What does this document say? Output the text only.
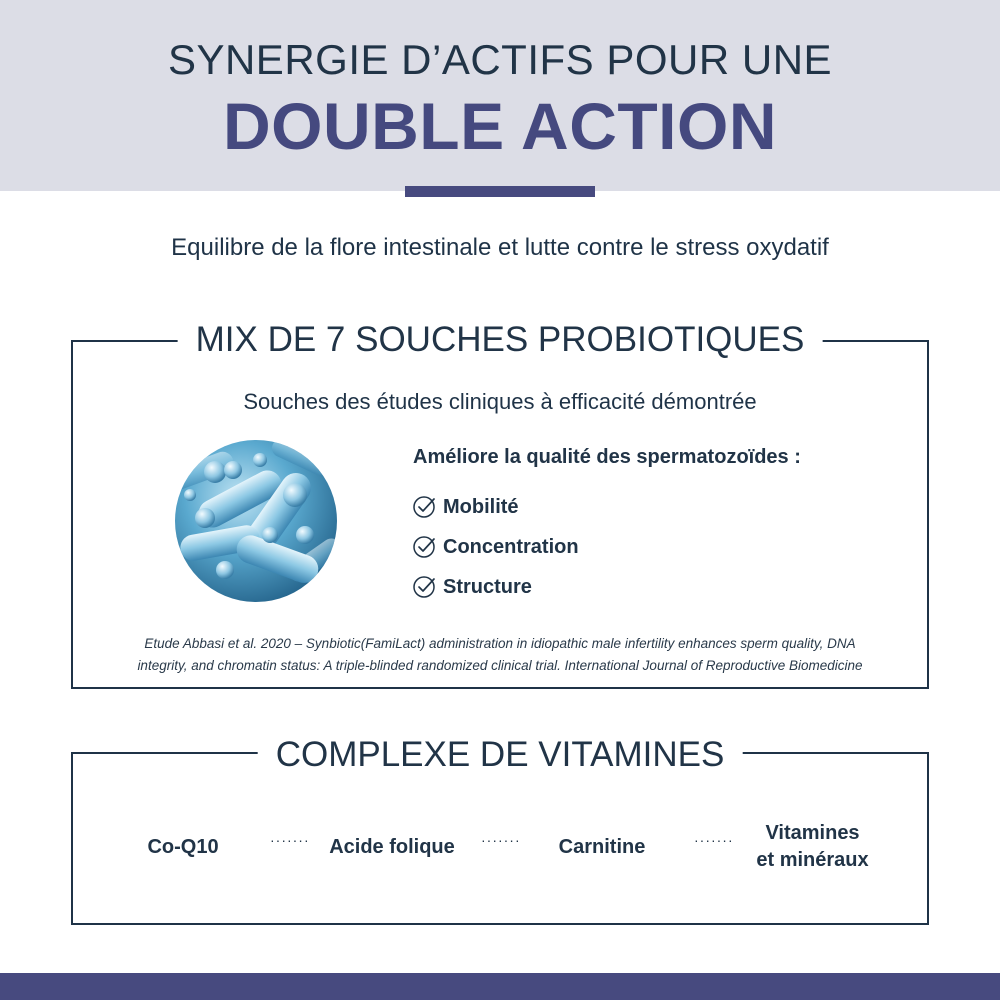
SYNERGIE D’ACTIFS POUR UNE
DOUBLE ACTION
Equilibre de la flore intestinale et lutte contre le stress oxydatif
MIX DE 7 SOUCHES PROBIOTIQUES
Souches des études cliniques à efficacité démontrée
Améliore la qualité des spermatozoïdes :
Mobilité
Concentration
Structure
Etude Abbasi et al. 2020 – Synbiotic(FamiLact) administration in idiopathic male infertility enhances sperm quality, DNA
integrity, and chromatin status: A triple-blinded randomized clinical trial. International Journal of Reproductive Biomedicine
COMPLEXE DE VITAMINES
Co-Q10	······· Acide folique	·······	Carnitine	·······	Vitamines
et minéraux
